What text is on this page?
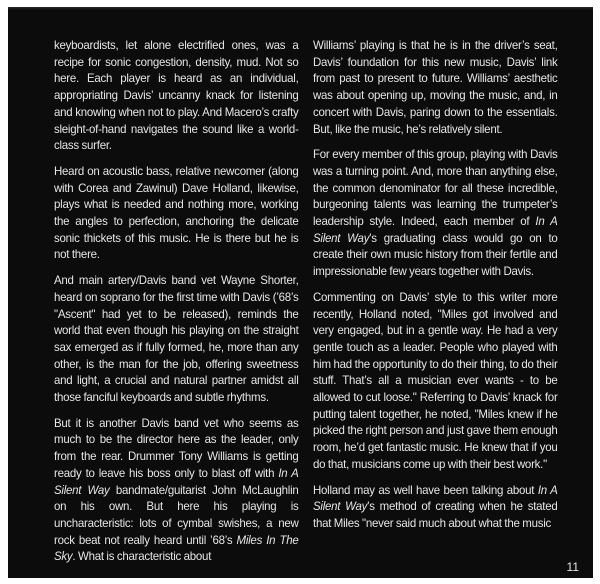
keyboardists, let alone electrified ones, was a recipe for sonic congestion, density, mud. Not so here. Each player is heard as an individual, appropriating Davis’ uncanny knack for listening and knowing when not to play. And Macero’s crafty sleight-of-hand navigates the sound like a world-class surfer.

Heard on acoustic bass, relative newcomer (along with Corea and Zawinul) Dave Holland, likewise, plays what is needed and nothing more, working the angles to perfection, anchoring the delicate sonic thickets of this music. He is there but he is not there.

And main artery/Davis band vet Wayne Shorter, heard on soprano for the first time with Davis (’68’s "Ascent" had yet to be released), reminds the world that even though his playing on the straight sax emerged as if fully formed, he, more than any other, is the man for the job, offering sweetness and light, a crucial and natural partner amidst all those fanciful keyboards and subtle rhythms.

But it is another Davis band vet who seems as much to be the director here as the leader, only from the rear. Drummer Tony Williams is getting ready to leave his boss only to blast off with In A Silent Way bandmate/guitarist John McLaughlin on his own. But here his playing is uncharacteristic: lots of cymbal swishes, a new rock beat not really heard until ’68’s Miles In The Sky. What is characteristic about

Williams’ playing is that he is in the driver’s seat, Davis’ foundation for this new music, Davis’ link from past to present to future. Williams’ aesthetic was about opening up, moving the music, and, in concert with Davis, paring down to the essentials. But, like the music, he’s relatively silent.

For every member of this group, playing with Davis was a turning point. And, more than anything else, the common denominator for all these incredible, burgeoning talents was learning the trumpeter’s leadership style. Indeed, each member of In A Silent Way’s graduating class would go on to create their own music history from their fertile and impressionable few years together with Davis.

Commenting on Davis’ style to this writer more recently, Holland noted, "Miles got involved and very engaged, but in a gentle way. He had a very gentle touch as a leader. People who played with him had the opportunity to do their thing, to do their stuff. That’s all a musician ever wants - to be allowed to cut loose." Referring to Davis’ knack for putting talent together, he noted, "Miles knew if he picked the right person and just gave them enough room, he’d get fantastic music. He knew that if you do that, musicians come up with their best work."

Holland may as well have been talking about In A Silent Way’s method of creating when he stated that Miles "never said much about what the music

11
